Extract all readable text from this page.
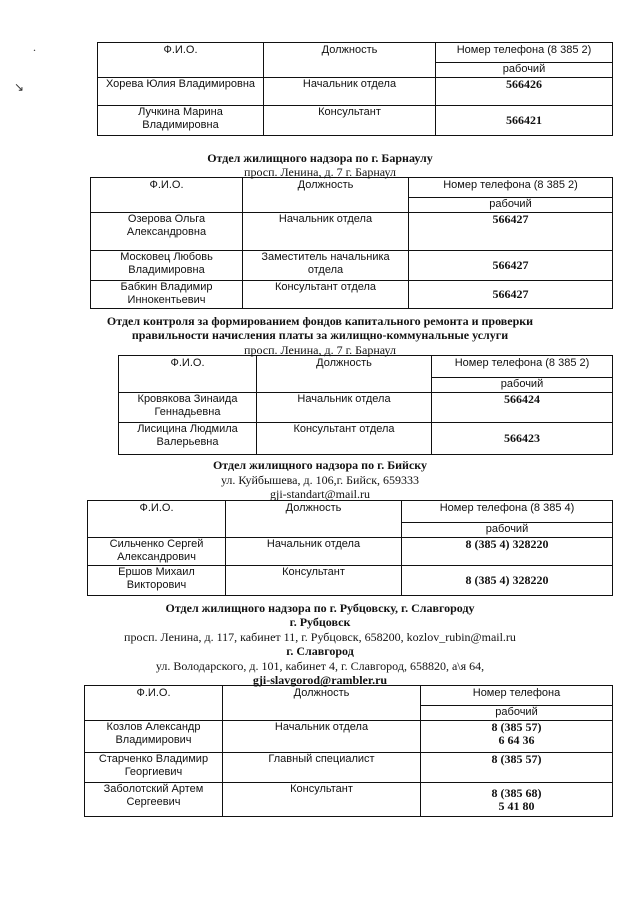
.
↘
Ф.И.О.	Должность	Номер телефона (8 385 2)
		рабочий
Хорева Юлия Владимировна	Начальник отдела	566426
Лучкина Марина Владимировна	Консультант	566421
Отдел жилищного надзора по г. Барнаулу
просп. Ленина, д. 7 г. Барнаул
Ф.И.О.	Должность	Номер телефона (8 385 2)
		рабочий
Озерова Ольга Александровна	Начальник отдела	566427
Московец Любовь Владимировна	Заместитель начальника отдела	566427
Бабкин Владимир Иннокентьевич	Консультант отдела	566427
Отдел контроля за формированием фондов капитального ремонта и проверки
правильности начисления платы за жилищно-коммунальные услуги
просп. Ленина, д. 7 г. Барнаул
Ф.И.О.	Должность	Номер телефона (8 385 2)
		рабочий
Кровякова Зинаида Геннадьевна	Начальник отдела	566424
Лисицина Людмила Валерьевна	Консультант отдела	566423
Отдел жилищного надзора по г. Бийску
ул. Куйбышева, д. 106,г. Бийск, 659333
gji-standart@mail.ru
Ф.И.О.	Должность	Номер телефона (8 385 4)
		рабочий
Сильченко Сергей Александрович	Начальник отдела	8 (385 4) 328220
Ершов Михаил Викторович	Консультант	8 (385 4) 328220
Отдел жилищного надзора по г. Рубцовску, г. Славгороду
г. Рубцовск
просп. Ленина, д. 117, кабинет 11, г. Рубцовск, 658200, kozlov_rubin@mail.ru
г. Славгород
ул. Володарского, д. 101, кабинет 4, г. Славгород, 658820, а\я 64,
gji-slavgorod@rambler.ru
Ф.И.О.	Должность	Номер телефона
		рабочий
Козлов Александр Владимирович	Начальник отдела	8 (385 57)
6 64 36

Старченко Владимир Георгиевич	Главный специалист	8 (385 57)

Заболотский Артем Сергеевич	Консультант	8 (385 68)
5 41 80
